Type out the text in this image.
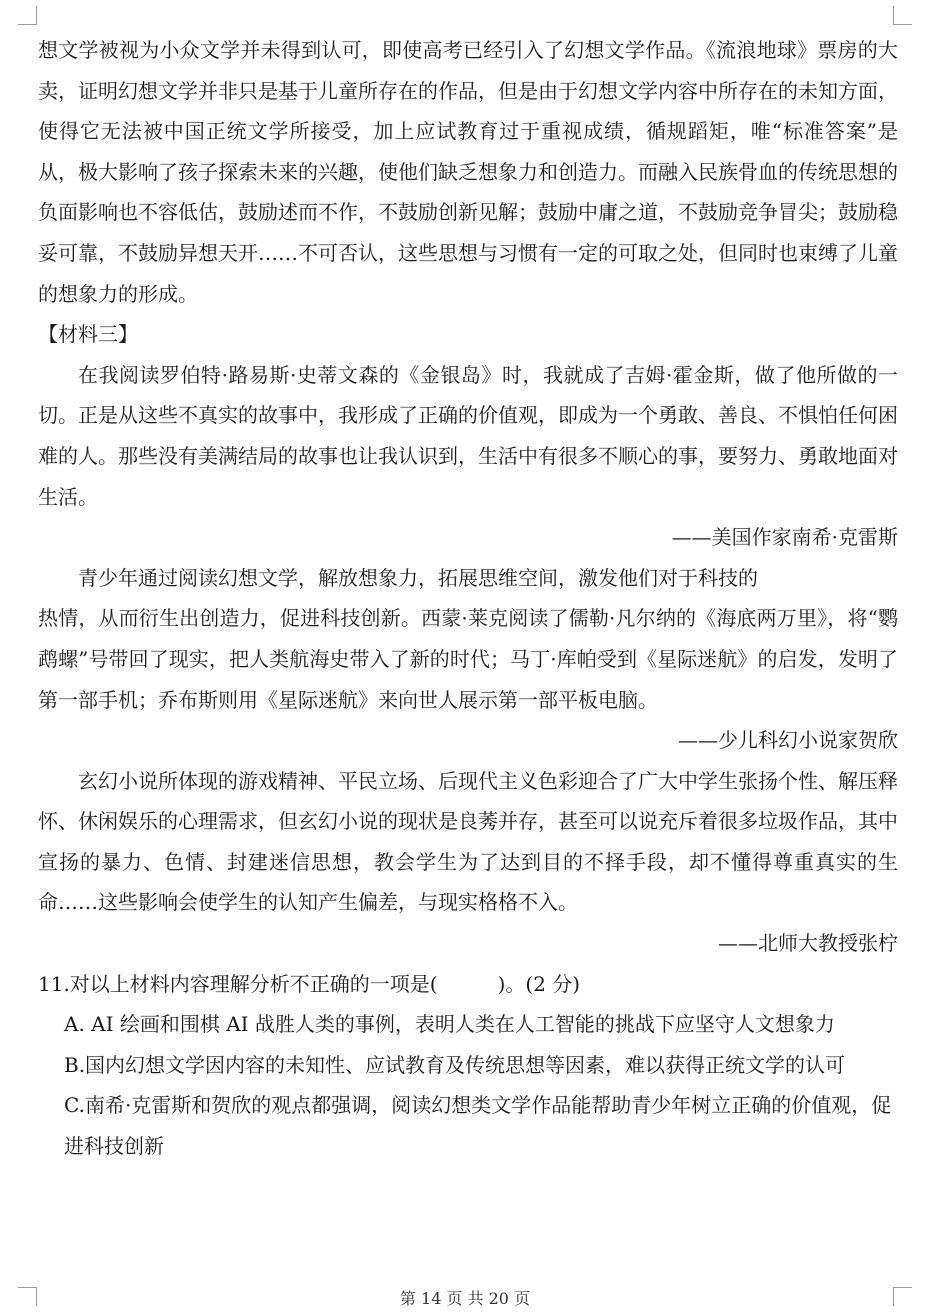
想文学被视为小众文学并未得到认可，即使高考已经引入了幻想文学作品。《流浪地球》票房的大卖，证明幻想文学并非只是基于儿童所存在的作品，但是由于幻想文学内容中所存在的未知方面，使得它无法被中国正统文学所接受，加上应试教育过于重视成绩，循规蹈矩，唯“标准答案”是从，极大影响了孩子探索未来的兴趣，使他们缺乏想象力和创造力。而融入民族骨血的传统思想的负面影响也不容低估，鼓励述而不作，不鼓励创新见解；鼓励中庸之道，不鼓励竞争冒尖；鼓励稳妥可靠，不鼓励异想天开……不可否认，这些思想与习惯有一定的可取之处，但同时也束缚了儿童的想象力的形成。
【材料三】
在我阅读罗伯特·路易斯·史蒂文森的《金银岛》时，我就成了吉姆·霍金斯，做了他所做的一切。正是从这些不真实的故事中，我形成了正确的价值观，即成为一个勇敢、善良、不惧怕任何困难的人。那些没有美满结局的故事也让我认识到，生活中有很多不顺心的事，要努力、勇敢地面对生活。
——美国作家南希·克雷斯
青少年通过阅读幻想文学，解放想象力，拓展思维空间，激发他们对于科技的
热情，从而衍生出创造力，促进科技创新。西蒙·莱克阅读了儒勒·凡尔纳的《海底两万里》，将“鹦鹉螺”号带回了现实，把人类航海史带入了新的时代；马丁·库帕受到《星际迷航》的启发，发明了第一部手机；乔布斯则用《星际迷航》来向世人展示第一部平板电脑。
——少儿科幻小说家贺欣
玄幻小说所体现的游戏精神、平民立场、后现代主义色彩迎合了广大中学生张扬个性、解压释怀、休闲娱乐的心理需求，但玄幻小说的现状是良莠并存，甚至可以说充斥着很多垃圾作品，其中宣扬的暴力、色情、封建迷信思想，教会学生为了达到目的不择手段，却不懂得尊重真实的生命……这些影响会使学生的认知产生偏差，与现实格格不入。
——北师大教授张柠
11.对以上材料内容理解分析不正确的一项是(　　　)。(2 分)
A. AI 绘画和围棋 AI 战胜人类的事例，表明人类在人工智能的挑战下应坚守人文想象力
B.国内幻想文学因内容的未知性、应试教育及传统思想等因素，难以获得正统文学的认可
C.南希·克雷斯和贺欣的观点都强调，阅读幻想类文学作品能帮助青少年树立正确的价值观，促进科技创新
第 14 页 共 20 页
